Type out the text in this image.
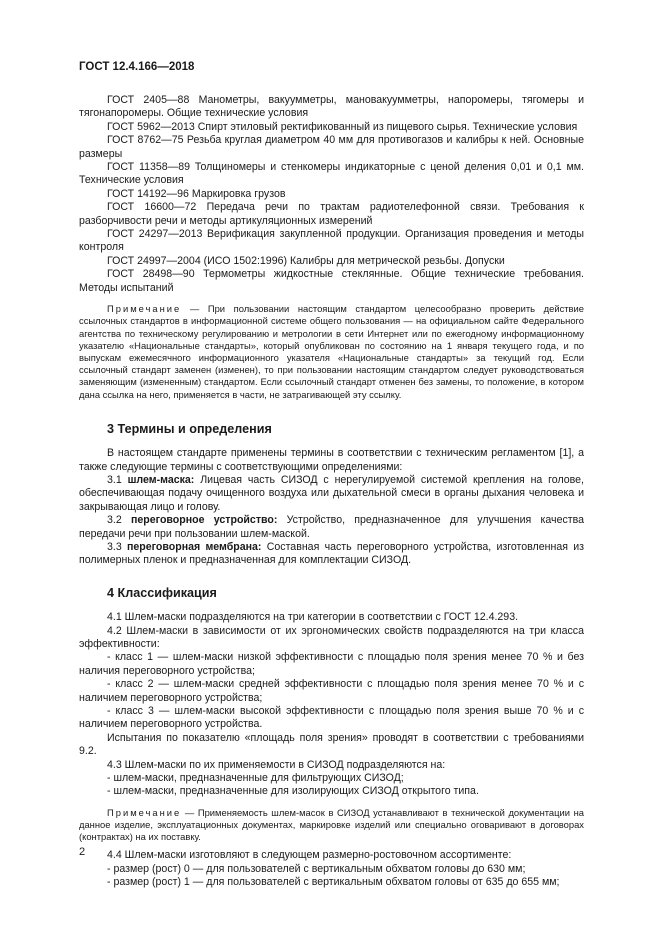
ГОСТ 12.4.166—2018

ГОСТ 2405—88 Манометры, вакуумметры, мановакуумметры, напоромеры, тягомеры и тягонапоромеры. Общие технические условия

ГОСТ 5962—2013 Спирт этиловый ректификованный из пищевого сырья. Технические условия

ГОСТ 8762—75 Резьба круглая диаметром 40 мм для противогазов и калибры к ней. Основные размеры

ГОСТ 11358—89 Толщиномеры и стенкомеры индикаторные с ценой деления 0,01 и 0,1 мм. Технические условия

ГОСТ 14192—96 Маркировка грузов

ГОСТ 16600—72 Передача речи по трактам радиотелефонной связи. Требования к разборчивости речи и методы артикуляционных измерений

ГОСТ 24297—2013 Верификация закупленной продукции. Организация проведения и методы контроля

ГОСТ 24997—2004 (ИСО 1502:1996) Калибры для метрической резьбы. Допуски

ГОСТ 28498—90 Термометры жидкостные стеклянные. Общие технические требования. Методы испытаний

Примечание — При пользовании настоящим стандартом целесообразно проверить действие ссылочных стандартов в информационной системе общего пользования — на официальном сайте Федерального агентства по техническому регулированию и метрологии в сети Интернет или по ежегодному информационному указателю «Национальные стандарты», который опубликован по состоянию на 1 января текущего года, и по выпускам ежемесячного информационного указателя «Национальные стандарты» за текущий год. Если ссылочный стандарт заменен (изменен), то при пользовании настоящим стандартом следует руководствоваться заменяющим (измененным) стандартом. Если ссылочный стандарт отменен без замены, то положение, в котором дана ссылка на него, применяется в части, не затрагивающей эту ссылку.

3 Термины и определения

В настоящем стандарте применены термины в соответствии с техническим регламентом [1], а также следующие термины с соответствующими определениями:

3.1 шлем-маска: Лицевая часть СИЗОД с нерегулируемой системой крепления на голове, обеспечивающая подачу очищенного воздуха или дыхательной смеси в органы дыхания человека и закрывающая лицо и голову.

3.2 переговорное устройство: Устройство, предназначенное для улучшения качества передачи речи при пользовании шлем-маской.

3.3 переговорная мембрана: Составная часть переговорного устройства, изготовленная из полимерных пленок и предназначенная для комплектации СИЗОД.

4 Классификация

4.1 Шлем-маски подразделяются на три категории в соответствии с ГОСТ 12.4.293.

4.2 Шлем-маски в зависимости от их эргономических свойств подразделяются на три класса эффективности:

- класс 1 — шлем-маски низкой эффективности с площадью поля зрения менее 70 % и без наличия переговорного устройства;

- класс 2 — шлем-маски средней эффективности с площадью поля зрения менее 70 % и с наличием переговорного устройства;

- класс 3 — шлем-маски высокой эффективности с площадью поля зрения выше 70 % и с наличием переговорного устройства.

Испытания по показателю «площадь поля зрения» проводят в соответствии с требованиями 9.2.

4.3 Шлем-маски по их применяемости в СИЗОД подразделяются на:

- шлем-маски, предназначенные для фильтрующих СИЗОД;

- шлем-маски, предназначенные для изолирующих СИЗОД открытого типа.

Примечание — Применяемость шлем-масок в СИЗОД устанавливают в технической документации на данное изделие, эксплуатационных документах, маркировке изделий или специально оговаривают в договорах (контрактах) на их поставку.

4.4 Шлем-маски изготовляют в следующем размерно-ростовочном ассортименте:

- размер (рост) 0 — для пользователей с вертикальным обхватом головы до 630 мм;

- размер (рост) 1 — для пользователей с вертикальным обхватом головы от 635 до 655 мм;

2
